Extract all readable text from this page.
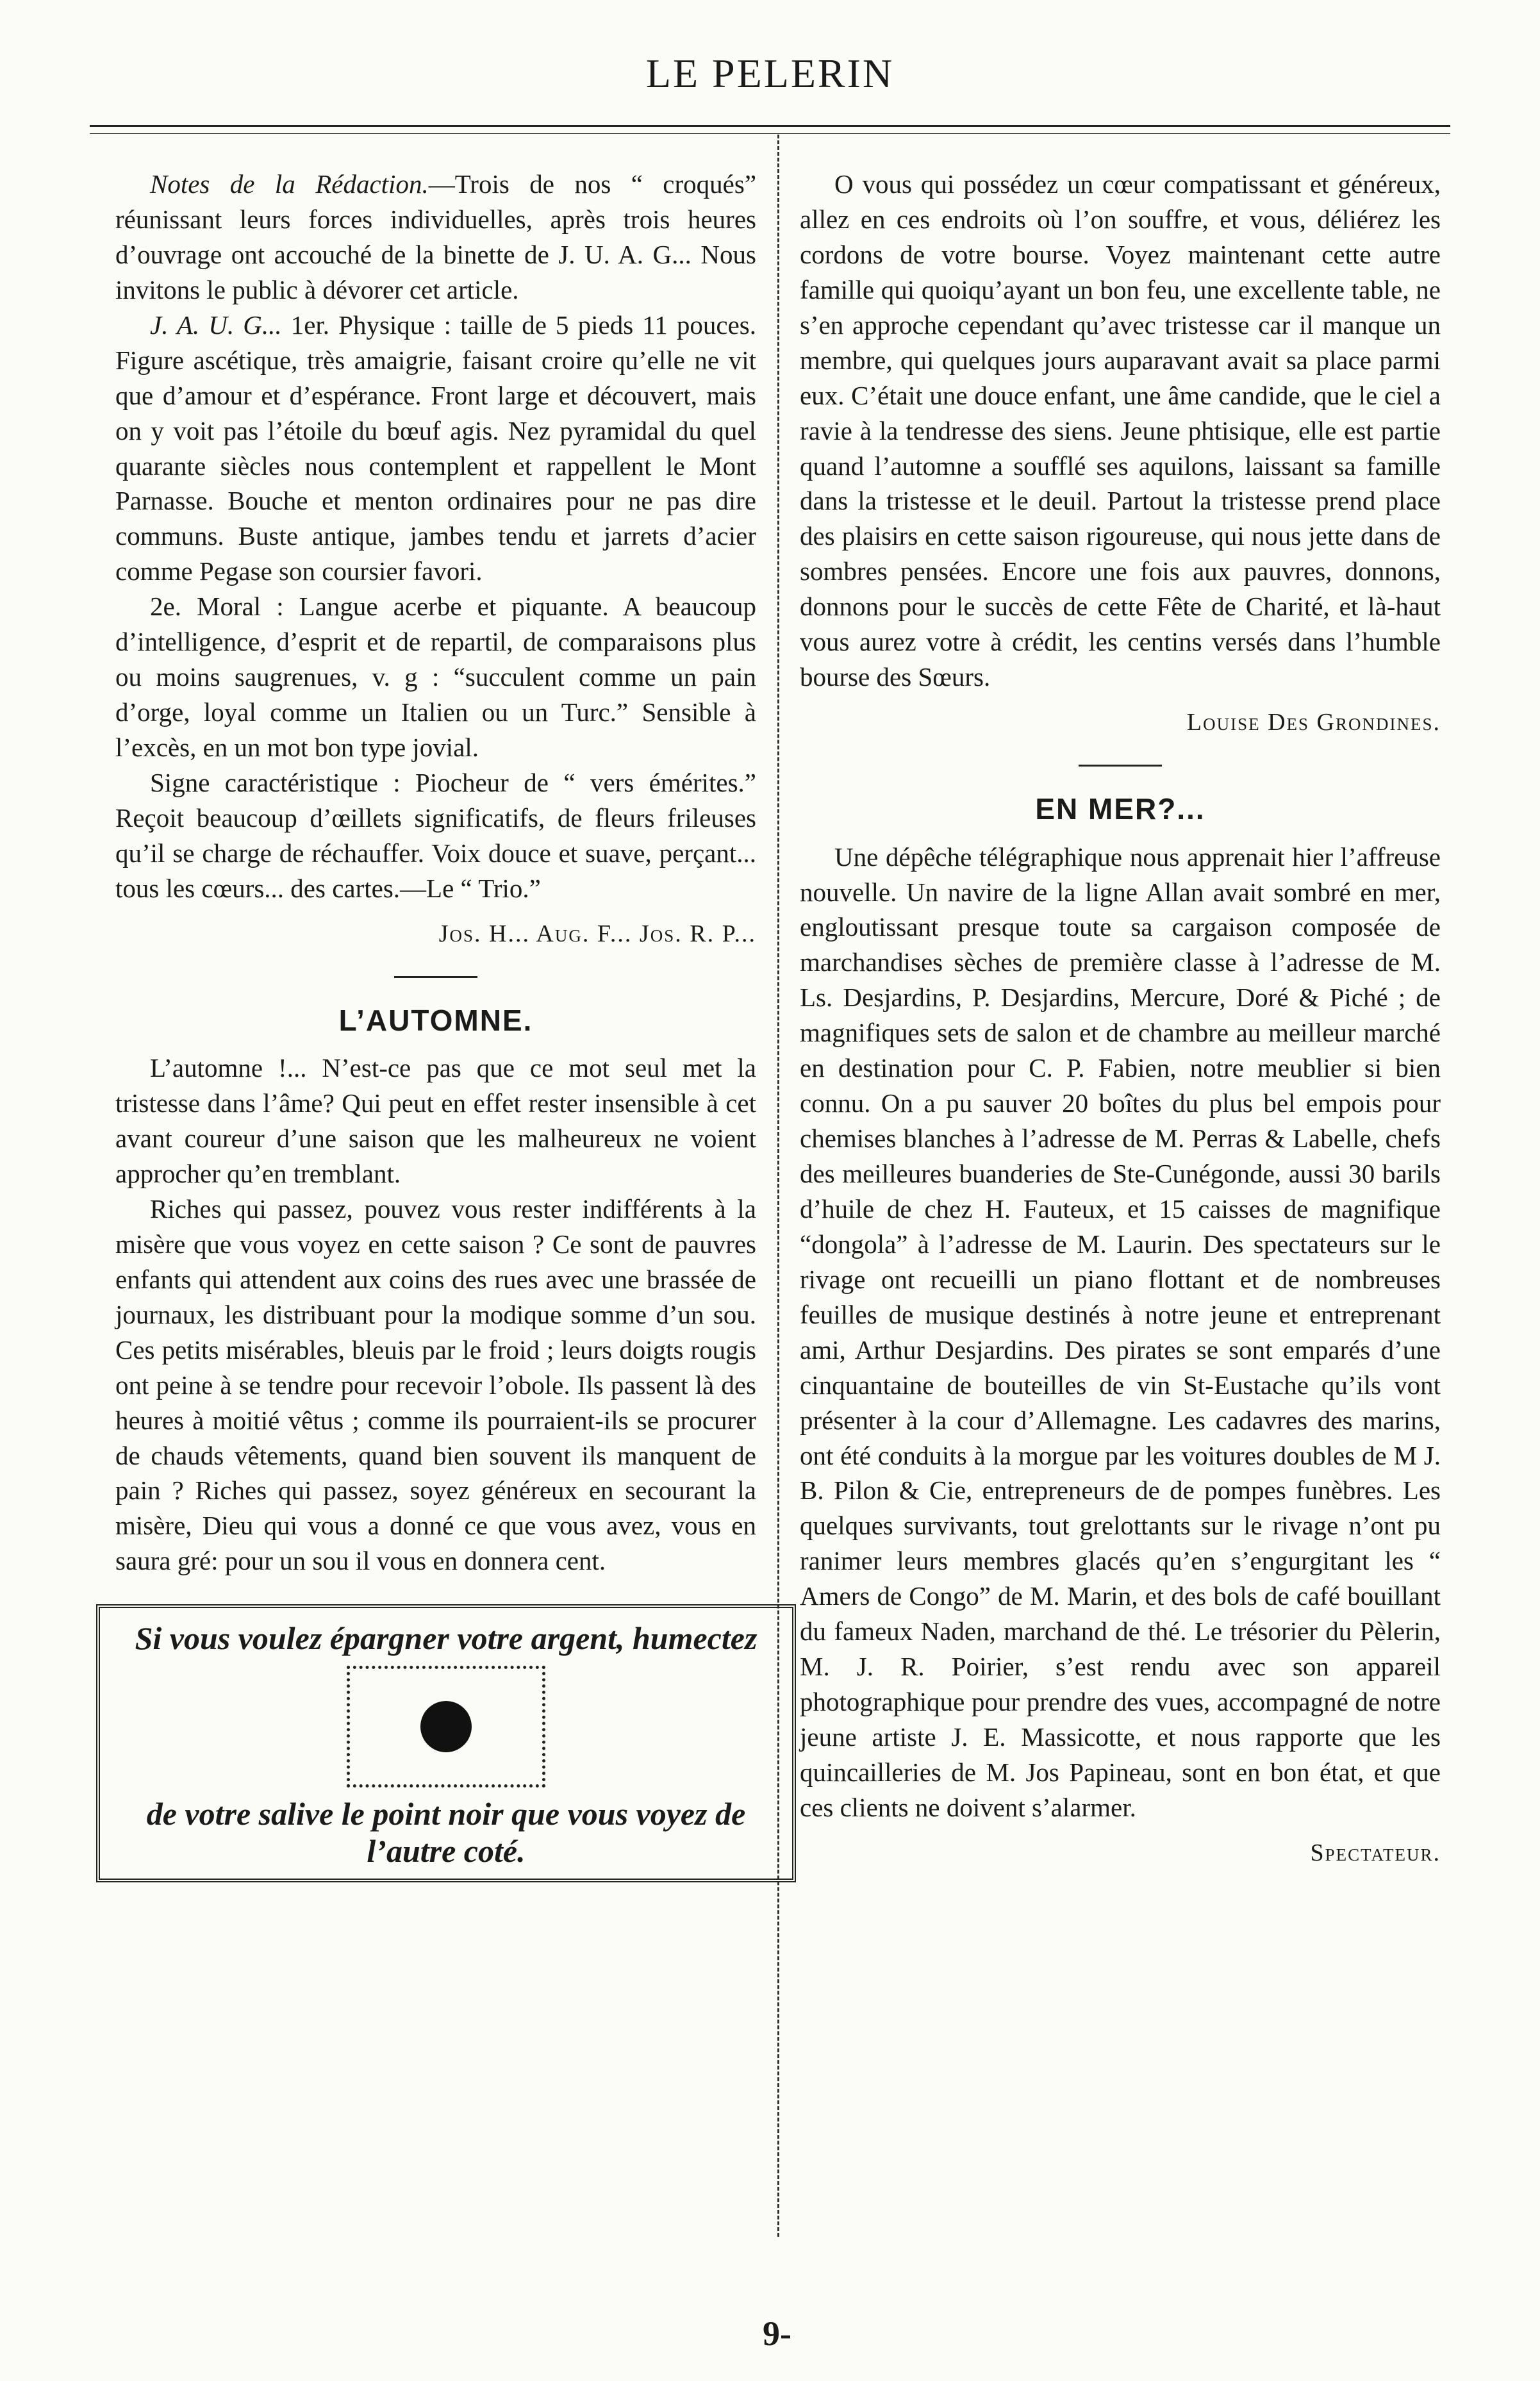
LE PELERIN

Notes de la Rédaction.—Trois de nos “ croqués” réunissant leurs forces individuelles, après trois heures d’ouvrage ont accouché de la binette de J. U. A. G... Nous invitons le public à dévorer cet article.

J. A. U. G... 1er. Physique : taille de 5 pieds 11 pouces. Figure ascétique, très amaigrie, faisant croire qu’elle ne vit que d’amour et d’espérance. Front large et découvert, mais on y voit pas l’étoile du bœuf agis. Nez pyramidal du quel quarante siècles nous contemplent et rappellent le Mont Parnasse. Bouche et menton ordinaires pour ne pas dire communs. Buste antique, jambes tendu et jarrets d’acier comme Pegase son coursier favori.

2e. Moral : Langue acerbe et piquante. A beaucoup d’intelligence, d’esprit et de repartil, de comparaisons plus ou moins saugrenues, v. g : “succulent comme un pain d’orge, loyal comme un Italien ou un Turc.” Sensible à l’excès, en un mot bon type jovial.

Signe caractéristique : Piocheur de “ vers émérites.” Reçoit beaucoup d’œillets significatifs, de fleurs frileuses qu’il se charge de réchauffer. Voix douce et suave, perçant... tous les cœurs... des cartes.—Le “ Trio.”

Jos. H... Aug. F... Jos. R. P...
L’AUTOMNE.

L’automne !... N’est-ce pas que ce mot seul met la tristesse dans l’âme? Qui peut en effet rester insensible à cet avant coureur d’une saison que les malheureux ne voient approcher qu’en tremblant.

Riches qui passez, pouvez vous rester indifférents à la misère que vous voyez en cette saison ? Ce sont de pauvres enfants qui attendent aux coins des rues avec une brassée de journaux, les distribuant pour la modique somme d’un sou. Ces petits misérables, bleuis par le froid ; leurs doigts rougis ont peine à se tendre pour recevoir l’obole. Ils passent là des heures à moitié vêtus ; comme ils pourraient-ils se procurer de chauds vêtements, quand bien souvent ils manquent de pain ? Riches qui passez, soyez généreux en secourant la misère, Dieu qui vous a donné ce que vous avez, vous en saura gré: pour un sou il vous en donnera cent.

Si vous voulez épargner votre argent, humectez
de votre salive le point noir que vous voyez de l’autre coté.

O vous qui possédez un cœur compatissant et généreux, allez en ces endroits où l’on souffre, et vous, déliérez les cordons de votre bourse. Voyez maintenant cette autre famille qui quoiqu’ayant un bon feu, une excellente table, ne s’en approche cependant qu’avec tristesse car il manque un membre, qui quelques jours auparavant avait sa place parmi eux. C’était une douce enfant, une âme candide, que le ciel a ravie à la tendresse des siens. Jeune phtisique, elle est partie quand l’automne a soufflé ses aquilons, laissant sa famille dans la tristesse et le deuil. Partout la tristesse prend place des plaisirs en cette saison rigoureuse, qui nous jette dans de sombres pensées. Encore une fois aux pauvres, donnons, donnons pour le succès de cette Fête de Charité, et là-haut vous aurez votre à crédit, les centins versés dans l’humble bourse des Sœurs.

Louise Des Grondines.
EN MER?...

Une dépêche télégraphique nous apprenait hier l’affreuse nouvelle. Un navire de la ligne Allan avait sombré en mer, engloutissant presque toute sa cargaison composée de marchandises sèches de première classe à l’adresse de M. Ls. Desjardins, P. Desjardins, Mercure, Doré & Piché ; de magnifiques sets de salon et de chambre au meilleur marché en destination pour C. P. Fabien, notre meublier si bien connu. On a pu sauver 20 boîtes du plus bel empois pour chemises blanches à l’adresse de M. Perras & Labelle, chefs des meilleures buanderies de Ste-Cunégonde, aussi 30 barils d’huile de chez H. Fauteux, et 15 caisses de magnifique “dongola” à l’adresse de M. Laurin. Des spectateurs sur le rivage ont recueilli un piano flottant et de nombreuses feuilles de musique destinés à notre jeune et entreprenant ami, Arthur Desjardins. Des pirates se sont emparés d’une cinquantaine de bouteilles de vin St-Eustache qu’ils vont présenter à la cour d’Allemagne. Les cadavres des marins, ont été conduits à la morgue par les voitures doubles de M J. B. Pilon & Cie, entrepreneurs de de pompes funèbres. Les quelques survivants, tout grelottants sur le rivage n’ont pu ranimer leurs membres glacés qu’en s’engurgitant les “ Amers de Congo” de M. Marin, et des bols de café bouillant du fameux Naden, marchand de thé. Le trésorier du Pèlerin, M. J. R. Poirier, s’est rendu avec son appareil photographique pour prendre des vues, accompagné de notre jeune artiste J. E. Massicotte, et nous rapporte que les quincailleries de M. Jos Papineau, sont en bon état, et que ces clients ne doivent s’alarmer.

Spectateur.
9-
